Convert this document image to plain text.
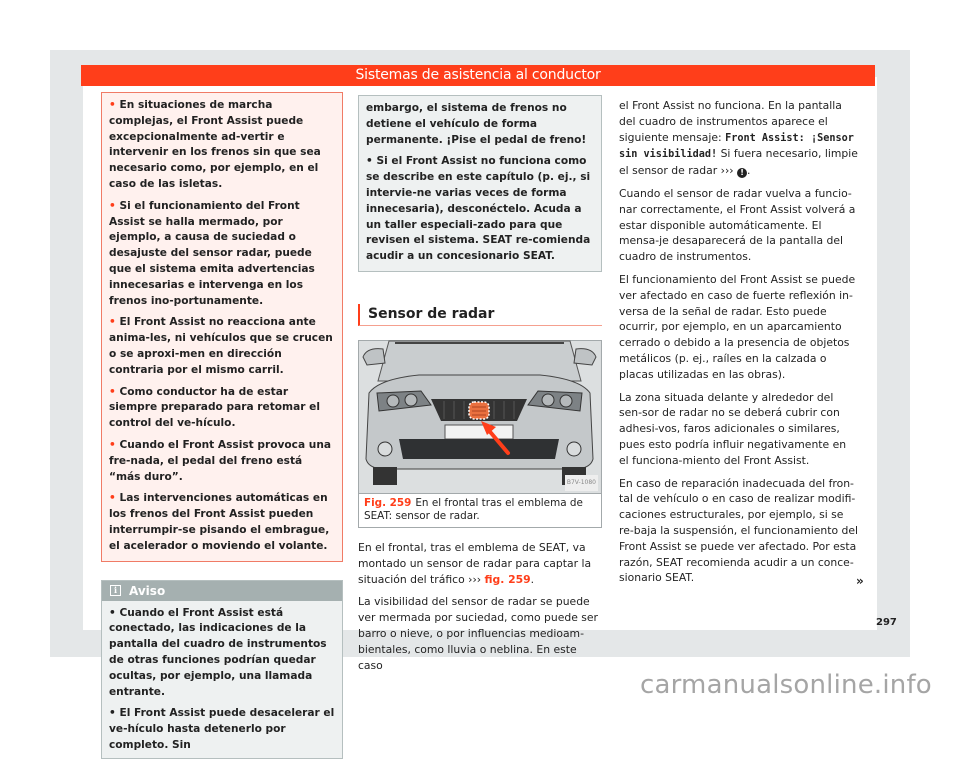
Sistemas de asistencia al conductor

• En situaciones de marcha complejas, el Front Assist puede excepcionalmente ad-vertir e intervenir en los frenos sin que sea necesario como, por ejemplo, en el caso de las isletas.

• Si el funcionamiento del Front Assist se halla mermado, por ejemplo, a causa de suciedad o desajuste del sensor radar, puede que el sistema emita advertencias innecesarias e intervenga en los frenos ino-portunamente.

• El Front Assist no reacciona ante anima-les, ni vehículos que se crucen o se aproxi-men en dirección contraria por el mismo carril.

• Como conductor ha de estar siempre preparado para retomar el control del ve-hículo.

• Cuando el Front Assist provoca una fre-nada, el pedal del freno está “más duro”.

• Las intervenciones automáticas en los frenos del Front Assist pueden interrumpir-se pisando el embrague, el acelerador o moviendo el volante.

i Aviso

• Cuando el Front Assist está conectado, las indicaciones de la pantalla del cuadro de instrumentos de otras funciones podrían quedar ocultas, por ejemplo, una llamada entrante.

• El Front Assist puede desacelerar el ve-hículo hasta detenerlo por completo. Sin

embargo, el sistema de frenos no detiene el vehículo de forma permanente. ¡Pise el pedal de freno!

• Si el Front Assist no funciona como se describe en este capítulo (p. ej., si intervie-ne varias veces de forma innecesaria), desconéctelo. Acuda a un taller especiali-zado para que revisen el sistema. SEAT re-comienda acudir a un concesionario SEAT.

Sensor de radar
B7V-1080
Fig. 259 En el frontal tras el emblema de SEAT: sensor de radar.

En el frontal, tras el emblema de SEAT, va montado un sensor de radar para captar la situación del tráfico ››› fig. 259.

La visibilidad del sensor de radar se puede ver mermada por suciedad, como puede ser barro o nieve, o por influencias medioam-bientales, como lluvia o neblina. En este caso

el Front Assist no funciona. En la pantalla del cuadro de instrumentos aparece el siguiente mensaje: Front Assist: ¡Sensor sin visibilidad! Si fuera necesario, limpie el sensor de radar ››› ! .

Cuando el sensor de radar vuelva a funcio-nar correctamente, el Front Assist volverá a estar disponible automáticamente. El mensa-je desaparecerá de la pantalla del cuadro de instrumentos.

El funcionamiento del Front Assist se puede ver afectado en caso de fuerte reflexión in-versa de la señal de radar. Esto puede ocurrir, por ejemplo, en un aparcamiento cerrado o debido a la presencia de objetos metálicos (p. ej., raíles en la calzada o placas utilizadas en las obras).

La zona situada delante y alrededor del sen-sor de radar no se deberá cubrir con adhesi-vos, faros adicionales o similares, pues esto podría influir negativamente en el funciona-miento del Front Assist.

En caso de reparación inadecuada del fron-tal de vehículo o en caso de realizar modifi-caciones estructurales, por ejemplo, si se re-baja la suspensión, el funcionamiento del Front Assist se puede ver afectado. Por esta razón, SEAT recomienda acudir a un conce-sionario SEAT.	»
297
carmanualsonline.info
